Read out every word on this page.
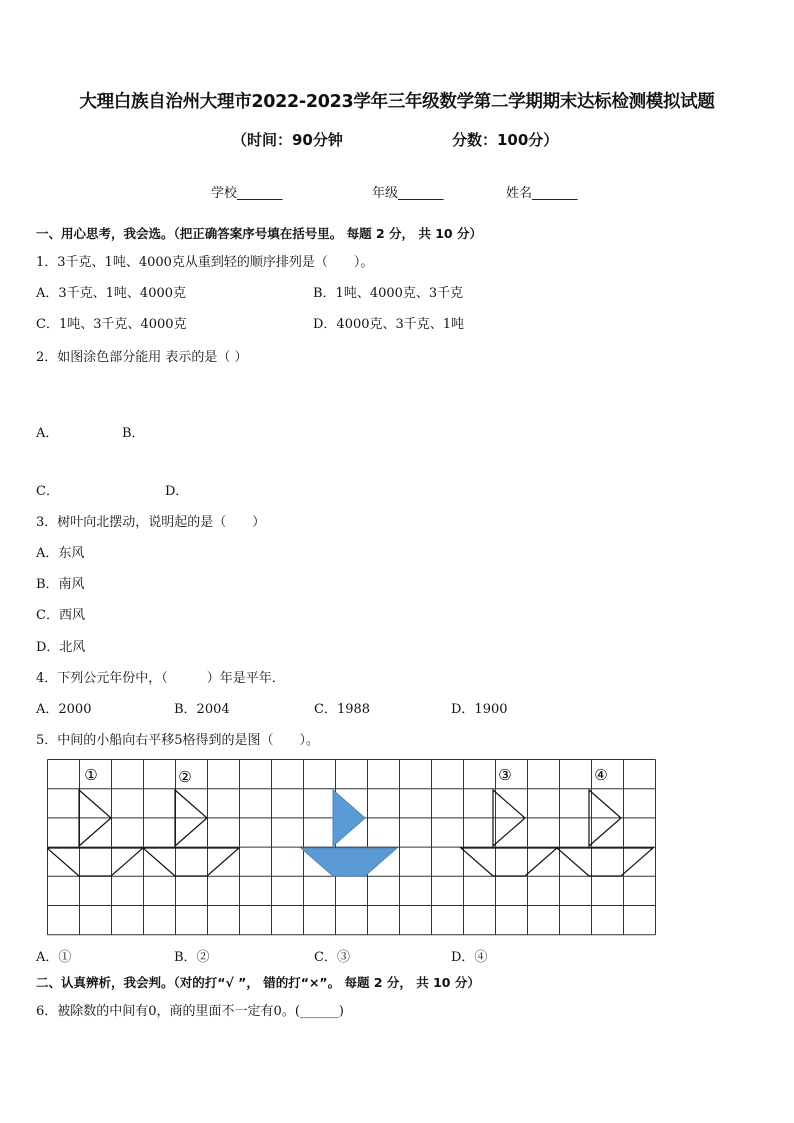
大理白族自治州大理市2022-2023学年三年级数学第二学期期末达标检测模拟试题
（时间：90分钟	分数：100分）
学校_______	年级_______	姓名_______
一、用心思考，我会选。（把正确答案序号填在括号里。 每题 2 分， 共 10 分）
1．3千克、1吨、4000克从重到轻的顺序排列是（　　）。
A．3千克、1吨、4000克	B．1吨、4000克、3千克
C．1吨、3千克、4000克	D．4000克、3千克、1吨
2．如图涂色部分能用 表示的是（ ）
A．	B．
C．	D．
3．树叶向北摆动，说明起的是（　　）
A．东风
B．南风
C．西风
D．北风
4．下列公元年份中，（　　　）年是平年．
A．2000	B．2004	C．1988	D．1900
5．中间的小船向右平移5格得到的是图（　　）。
①	②	③	④
A．①	B．②	C．③	D．④
二、认真辨析，我会判。（对的打“√ ”， 错的打“×”。 每题 2 分， 共 10 分）
6．被除数的中间有0，商的里面不一定有0。(______)
